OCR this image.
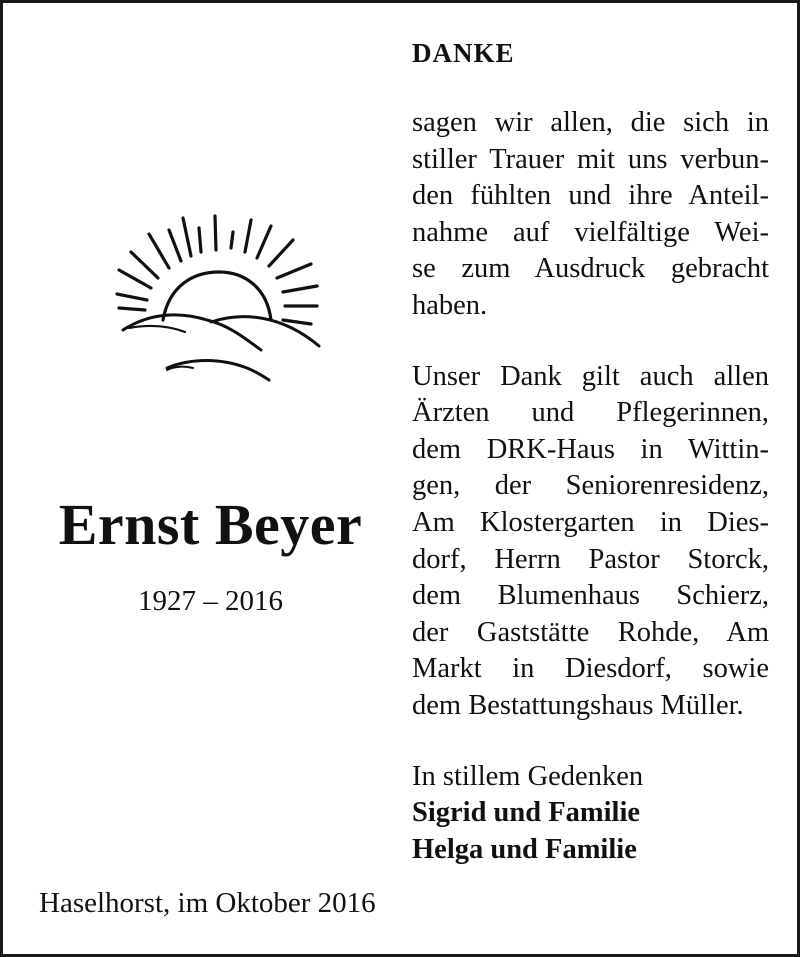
Ernst Beyer
1927 – 2016
Haselhorst, im Oktober 2016
DANKE
sagen wir allen, die sich in
stiller Trauer mit uns verbun-
den fühlten und ihre Anteil-
nahme auf vielfältige Wei-
se zum Ausdruck gebracht
haben.
Unser Dank gilt auch allen
Ärzten und Pflegerinnen,
dem DRK-Haus in Wittin-
gen, der Seniorenresidenz,
Am Klostergarten in Dies-
dorf, Herrn Pastor Storck,
dem Blumenhaus Schierz,
der Gaststätte Rohde, Am
Markt in Diesdorf, sowie
dem Bestattungshaus Müller.
In stillem Gedenken
Sigrid und Familie
Helga und Familie
